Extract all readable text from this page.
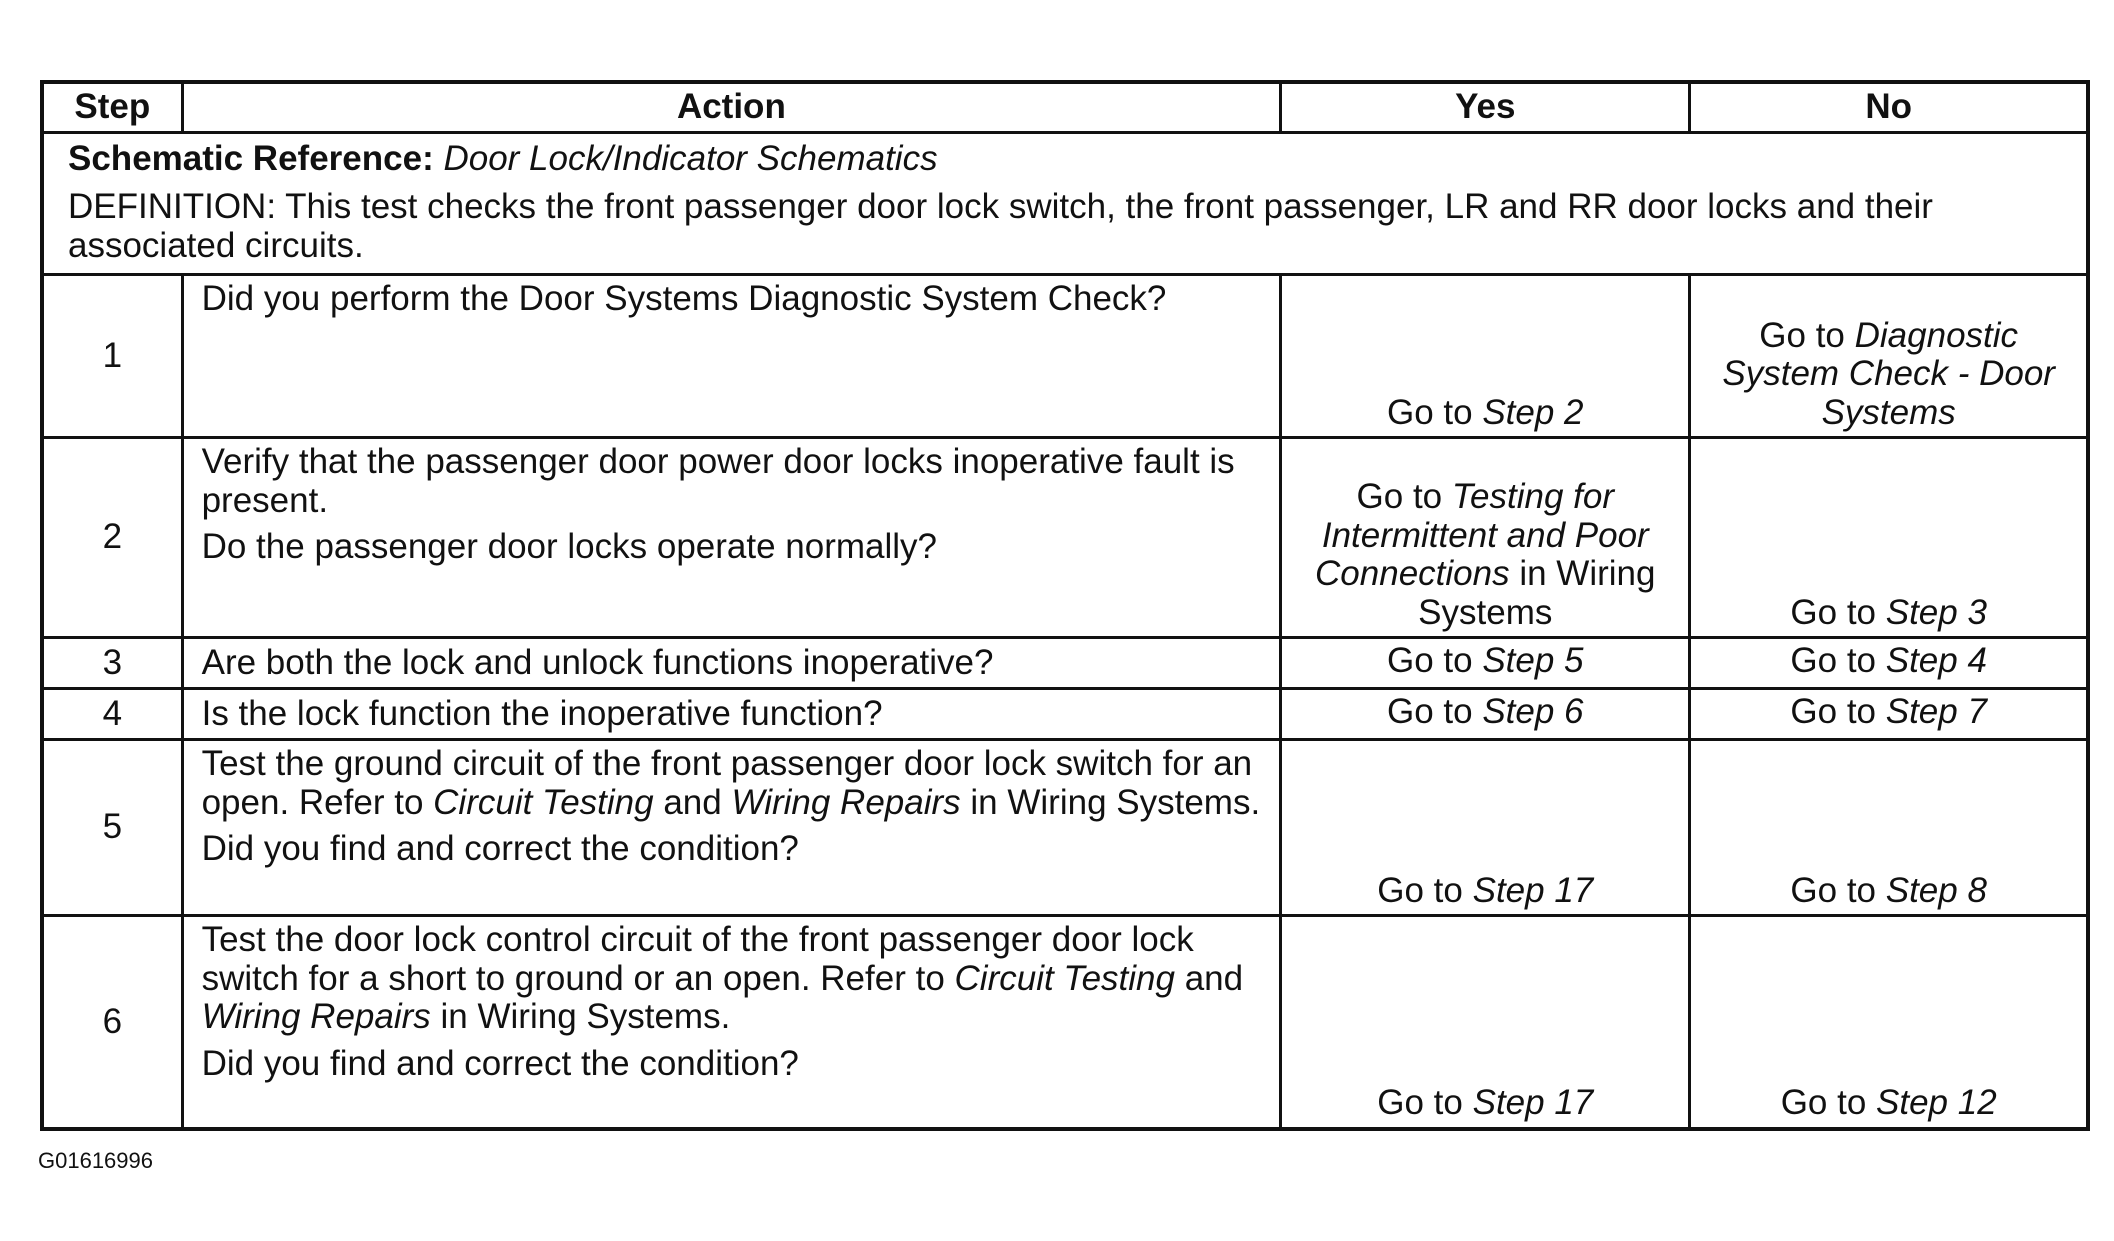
Step	Action	Yes	No

Schematic Reference: Door Lock/Indicator Schematics

DEFINITION: This test checks the front passenger door lock switch, the front passenger, LR and RR door locks and their associated circuits.			

1	Did you perform the Door Systems Diagnostic System Check?	Go to Step 2	Go to Diagnostic System Check - Door Systems
2	Verify that the passenger door power door locks inoperative fault is present.

Do the passenger door locks operate normally?	Go to Testing for Intermittent and Poor Connections in Wiring Systems	Go to Step 3
3	Are both the lock and unlock functions inoperative?	Go to Step 5	Go to Step 4
4	Is the lock function the inoperative function?	Go to Step 6	Go to Step 7
5	Test the ground circuit of the front passenger door lock switch for an open. Refer to Circuit Testing and Wiring Repairs in Wiring Systems.

Did you find and correct the condition?	Go to Step 17	Go to Step 8
6	Test the door lock control circuit of the front passenger door lock switch for a short to ground or an open. Refer to Circuit Testing and Wiring Repairs in Wiring Systems.

Did you find and correct the condition?	Go to Step 17	Go to Step 12
G01616996
